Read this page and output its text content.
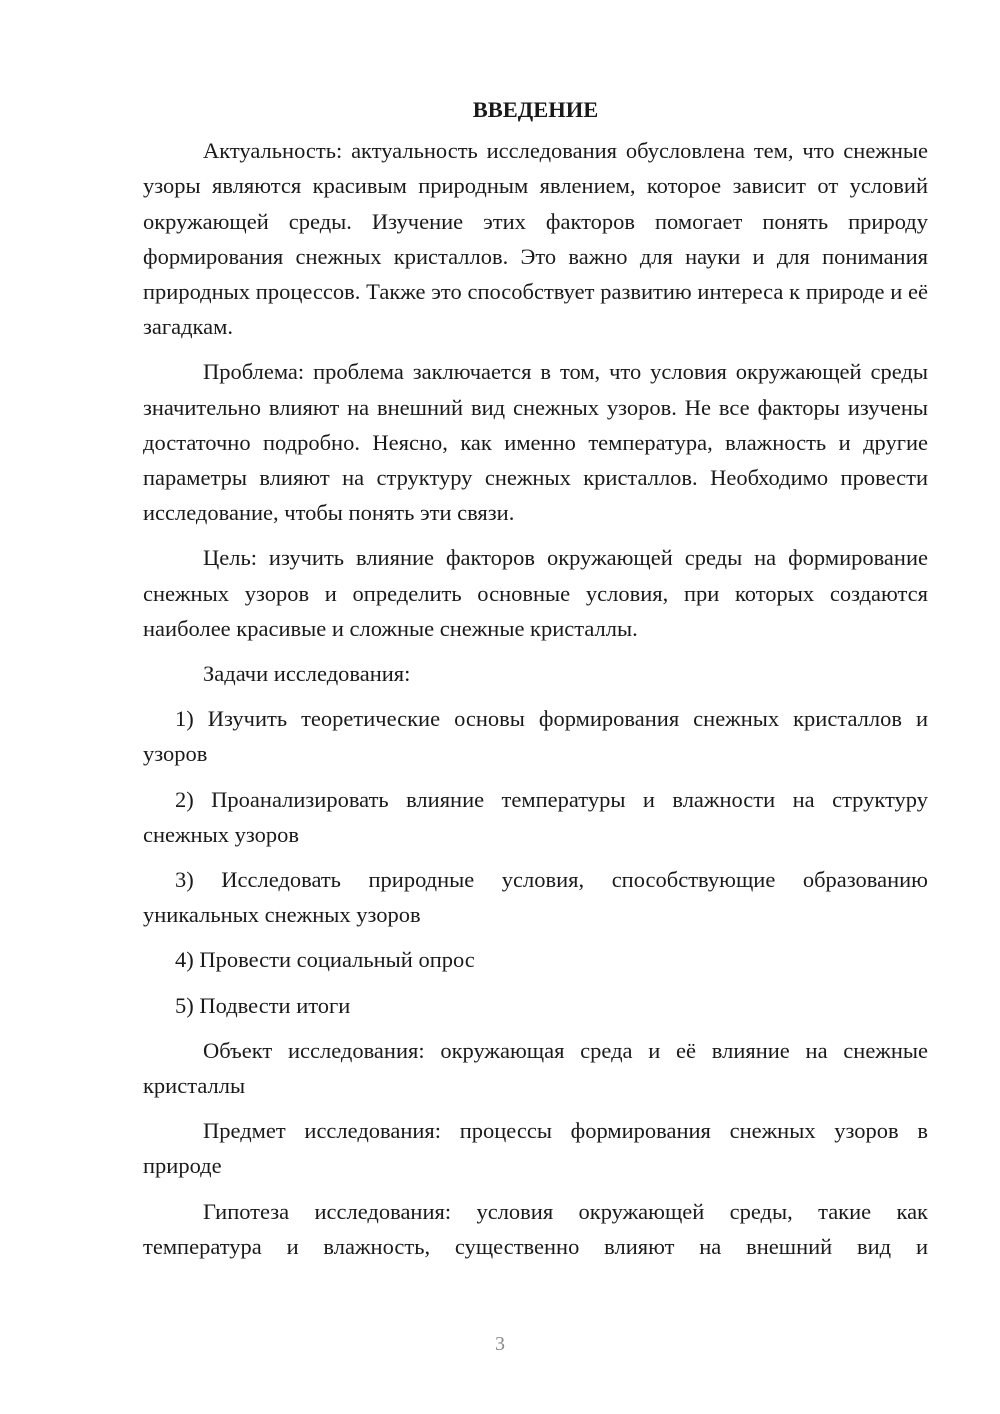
ВВЕДЕНИЕ
Актуальность: актуальность исследования обусловлена тем, что снежные узоры являются красивым природным явлением, которое зависит от условий окружающей среды. Изучение этих факторов помогает понять природу формирования снежных кристаллов. Это важно для науки и для понимания природных процессов. Также это способствует развитию интереса к природе и её загадкам.
Проблема: проблема заключается в том, что условия окружающей среды значительно влияют на внешний вид снежных узоров. Не все факторы изучены достаточно подробно. Неясно, как именно температура, влажность и другие параметры влияют на структуру снежных кристаллов. Необходимо провести исследование, чтобы понять эти связи.
Цель: изучить влияние факторов окружающей среды на формирование снежных узоров и определить основные условия, при которых создаются наиболее красивые и сложные снежные кристаллы.
Задачи исследования:
1) Изучить теоретические основы формирования снежных кристаллов и узоров
2) Проанализировать влияние температуры и влажности на структуру снежных узоров
3) Исследовать природные условия, способствующие образованию уникальных снежных узоров
4) Провести социальный опрос
5) Подвести итоги
Объект исследования: окружающая среда и её влияние на снежные кристаллы
Предмет исследования: процессы формирования снежных узоров в природе
Гипотеза исследования: условия окружающей среды, такие как температура и влажность, существенно влияют на внешний вид и
3
